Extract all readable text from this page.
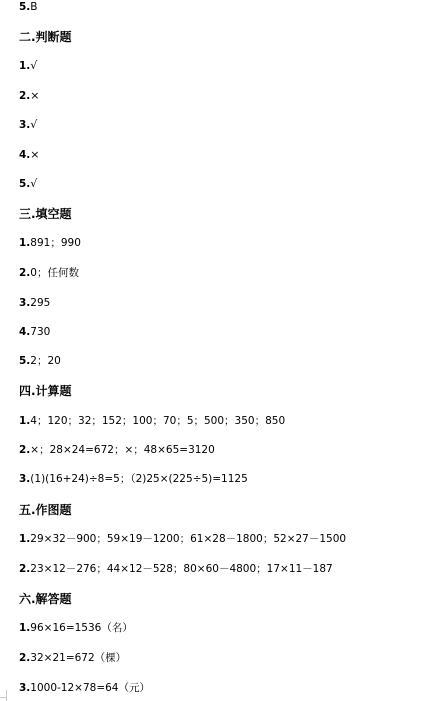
5.B
二.判断题
1.√
2.×
3.√
4.×
5.√
三.填空题
1.891；990
2.0；任何数
3.295
4.730
5.2；20
四.计算题
1.4；120；32；152；100；70；5；500；350；850
2.×；28×24=672；×；48×65=3120
3.(1)(16+24)÷8=5；（2)25×(225÷5)=1125
五.作图题
1.29×32－900；59×19－1200；61×28－1800；52×27－1500
2.23×12－276；44×12－528；80×60－4800；17×11－187
六.解答题
1.96×16=1536（名）
2.32×21=672（棵）
3.1000-12×78=64（元）
